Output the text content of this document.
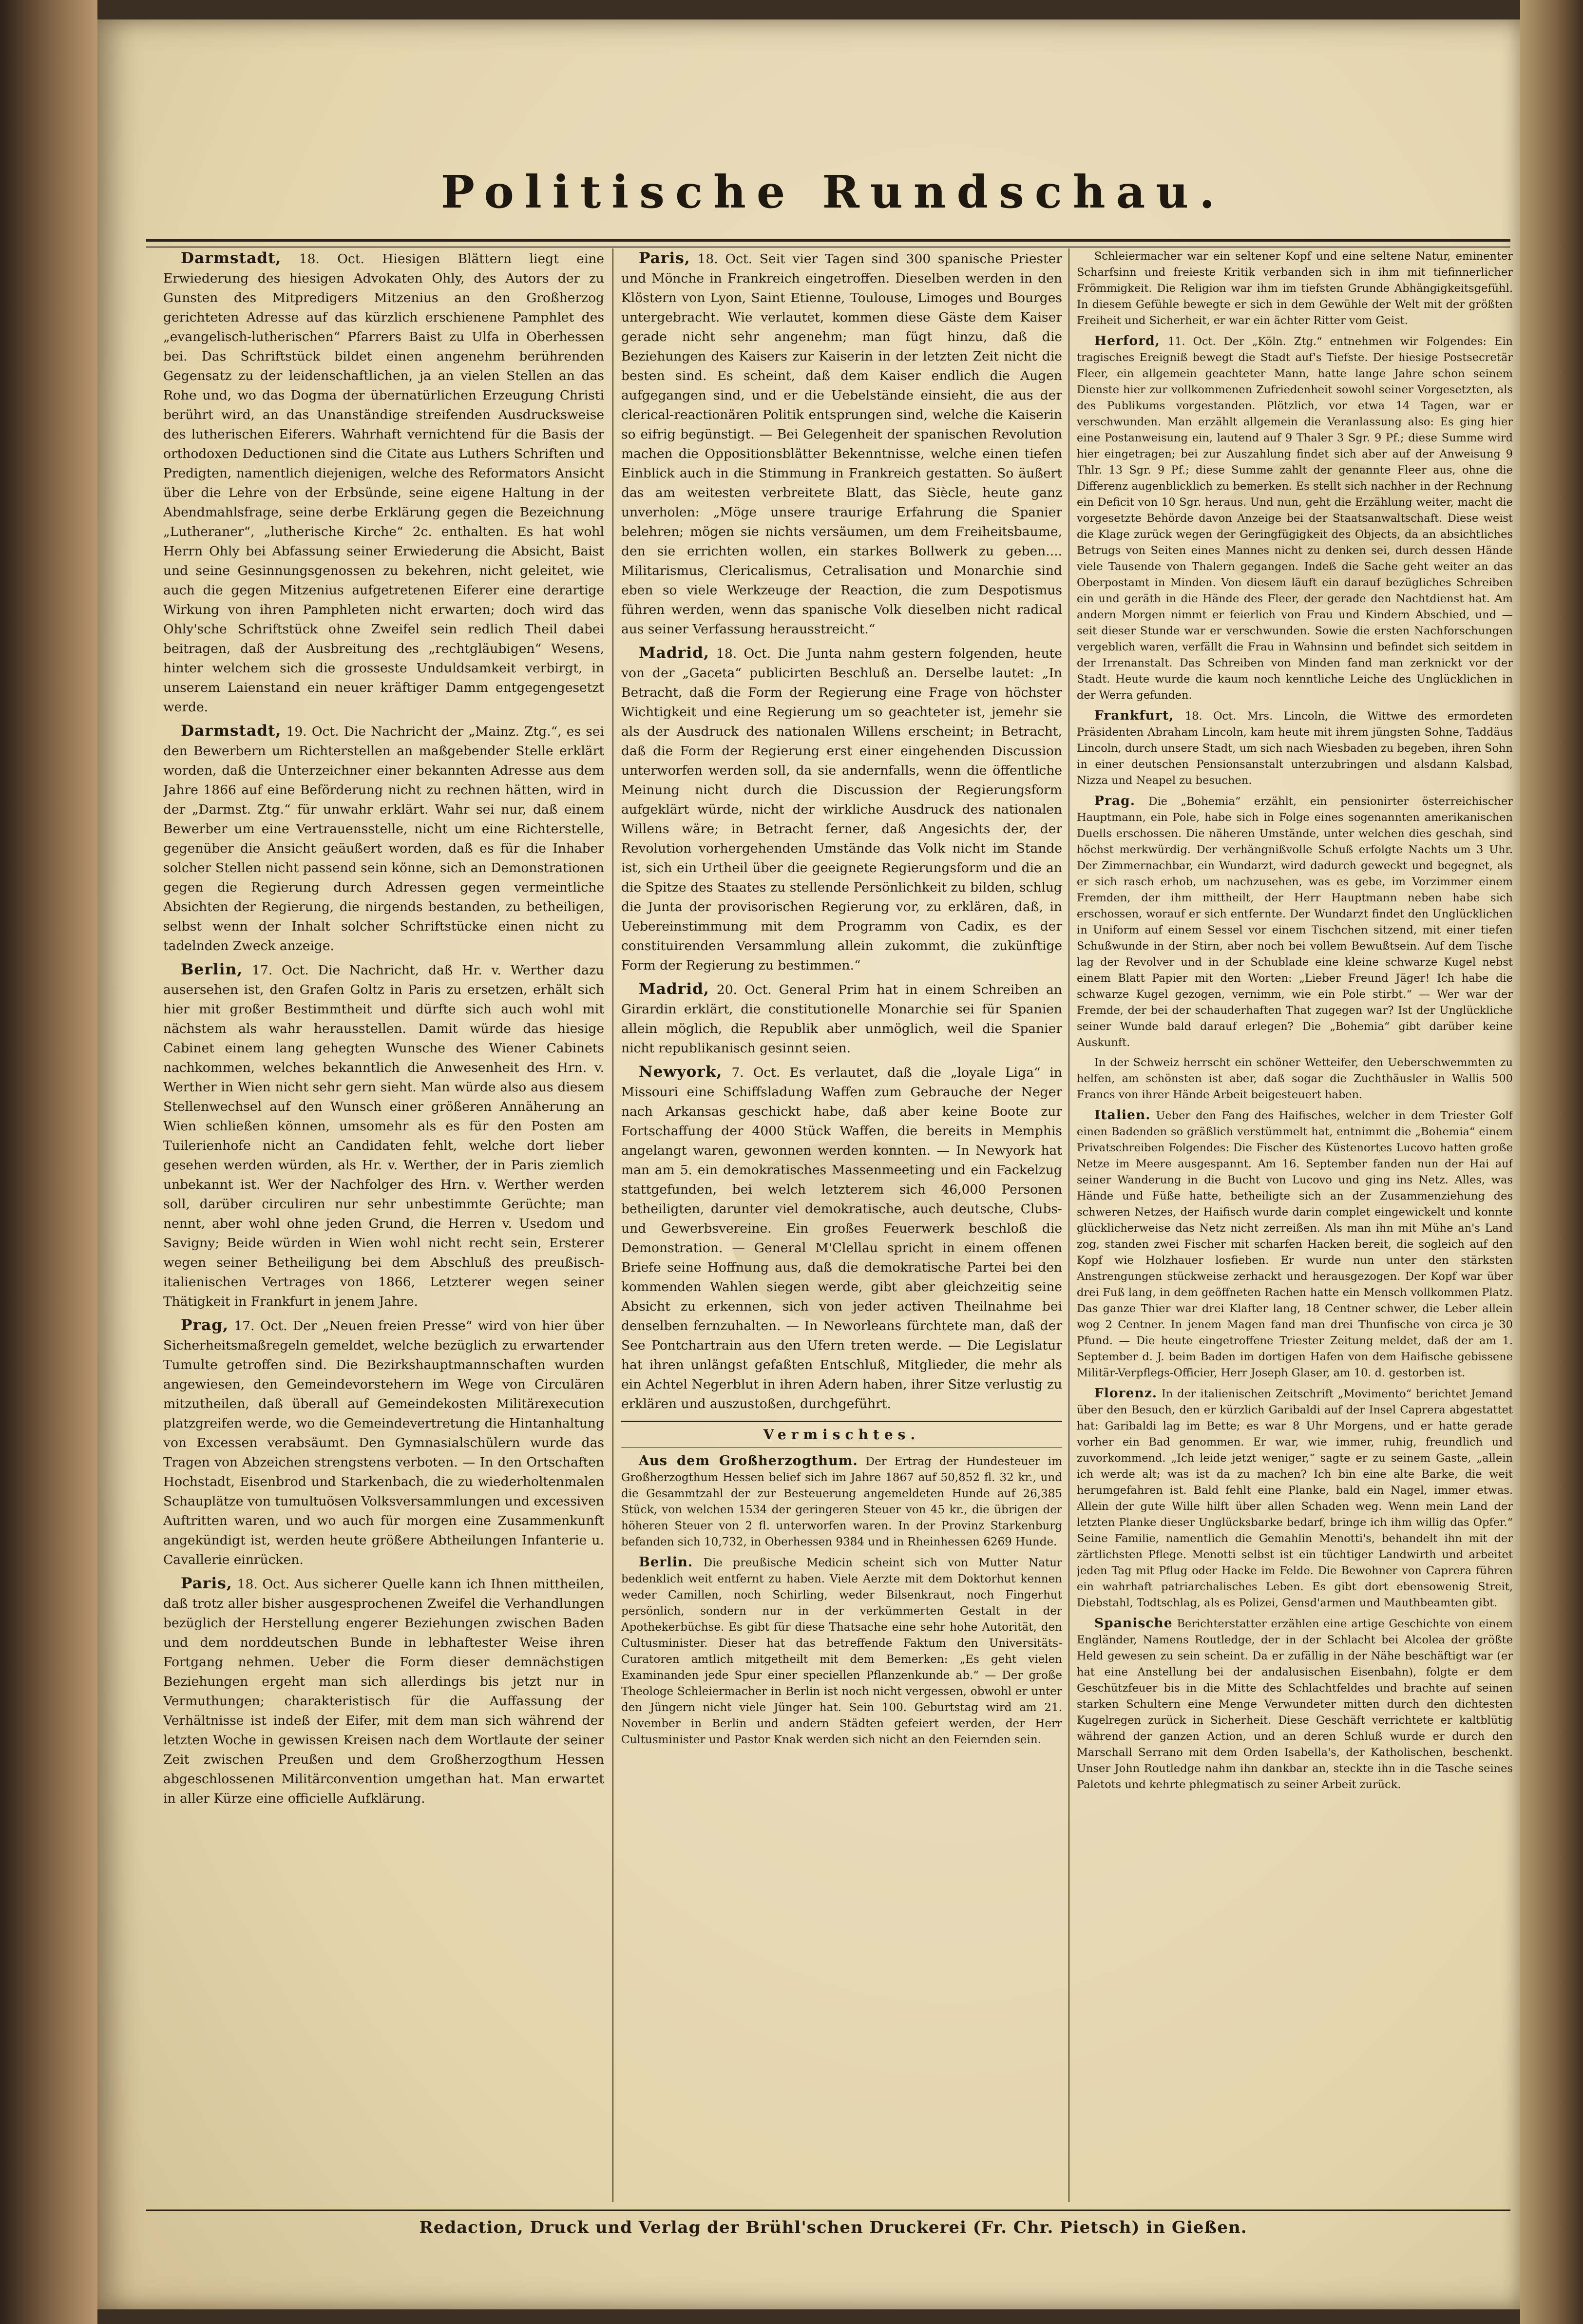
Politische Rundschau.

Darmstadt, 18. Oct. Hiesigen Blättern liegt eine Erwiederung des hiesigen Advokaten Ohly, des Autors der zu Gunsten des Mitpredigers Mitzenius an den Großherzog gerichteten Adresse auf das kürzlich erschienene Pamphlet des „evangelisch-lutherischen“ Pfarrers Baist zu Ulfa in Oberhessen bei. Das Schriftstück bildet einen angenehm berührenden Gegensatz zu der leidenschaftlichen, ja an vielen Stellen an das Rohe und, wo das Dogma der übernatürlichen Erzeugung Christi berührt wird, an das Unanständige streifenden Ausdrucksweise des lutherischen Eiferers. Wahrhaft vernichtend für die Basis der orthodoxen Deductionen sind die Citate aus Luthers Schriften und Predigten, namentlich diejenigen, welche des Reformators Ansicht über die Lehre von der Erbsünde, seine eigene Haltung in der Abendmahlsfrage, seine derbe Erklärung gegen die Bezeichnung „Lutheraner“, „lutherische Kirche“ 2c. enthalten. Es hat wohl Herrn Ohly bei Abfassung seiner Erwiederung die Absicht, Baist und seine Gesinnungsgenossen zu bekehren, nicht geleitet, wie auch die gegen Mitzenius aufgetretenen Eiferer eine derartige Wirkung von ihren Pamphleten nicht erwarten; doch wird das Ohly'sche Schriftstück ohne Zweifel sein redlich Theil dabei beitragen, daß der Ausbreitung des „rechtgläubigen“ Wesens, hinter welchem sich die grosseste Unduldsamkeit verbirgt, in unserem Laienstand ein neuer kräftiger Damm entgegengesetzt werde.

Darmstadt, 19. Oct. Die Nachricht der „Mainz. Ztg.“, es sei den Bewerbern um Richterstellen an maßgebender Stelle erklärt worden, daß die Unterzeichner einer bekannten Adresse aus dem Jahre 1866 auf eine Beförderung nicht zu rechnen hätten, wird in der „Darmst. Ztg.“ für unwahr erklärt. Wahr sei nur, daß einem Bewerber um eine Vertrauensstelle, nicht um eine Richterstelle, gegenüber die Ansicht geäußert worden, daß es für die Inhaber solcher Stellen nicht passend sein könne, sich an Demonstrationen gegen die Regierung durch Adressen gegen vermeintliche Absichten der Regierung, die nirgends bestanden, zu betheiligen, selbst wenn der Inhalt solcher Schriftstücke einen nicht zu tadelnden Zweck anzeige.

Berlin, 17. Oct. Die Nachricht, daß Hr. v. Werther dazu ausersehen ist, den Grafen Goltz in Paris zu ersetzen, erhält sich hier mit großer Bestimmtheit und dürfte sich auch wohl mit nächstem als wahr herausstellen. Damit würde das hiesige Cabinet einem lang gehegten Wunsche des Wiener Cabinets nachkommen, welches bekanntlich die Anwesenheit des Hrn. v. Werther in Wien nicht sehr gern sieht. Man würde also aus diesem Stellenwechsel auf den Wunsch einer größeren Annäherung an Wien schließen können, umsomehr als es für den Posten am Tuilerienhofe nicht an Candidaten fehlt, welche dort lieber gesehen werden würden, als Hr. v. Werther, der in Paris ziemlich unbekannt ist. Wer der Nachfolger des Hrn. v. Werther werden soll, darüber circuliren nur sehr unbestimmte Gerüchte; man nennt, aber wohl ohne jeden Grund, die Herren v. Usedom und Savigny; Beide würden in Wien wohl nicht recht sein, Ersterer wegen seiner Betheiligung bei dem Abschluß des preußisch-italienischen Vertrages von 1866, Letzterer wegen seiner Thätigkeit in Frankfurt in jenem Jahre.

Prag, 17. Oct. Der „Neuen freien Presse“ wird von hier über Sicherheitsmaßregeln gemeldet, welche bezüglich zu erwartender Tumulte getroffen sind. Die Bezirkshauptmannschaften wurden angewiesen, den Gemeindevorstehern im Wege von Circulären mitzutheilen, daß überall auf Gemeindekosten Militärexecution platzgreifen werde, wo die Gemeindevertretung die Hintanhaltung von Excessen verabsäumt. Den Gymnasialschülern wurde das Tragen von Abzeichen strengstens verboten. — In den Ortschaften Hochstadt, Eisenbrod und Starkenbach, die zu wiederholtenmalen Schauplätze von tumultuösen Volksversammlungen und excessiven Auftritten waren, und wo auch für morgen eine Zusammenkunft angekündigt ist, werden heute größere Abtheilungen Infanterie u. Cavallerie einrücken.

Paris, 18. Oct. Aus sicherer Quelle kann ich Ihnen mittheilen, daß trotz aller bisher ausgesprochenen Zweifel die Verhandlungen bezüglich der Herstellung engerer Beziehungen zwischen Baden und dem norddeutschen Bunde in lebhaftester Weise ihren Fortgang nehmen. Ueber die Form dieser demnächstigen Beziehungen ergeht man sich allerdings bis jetzt nur in Vermuthungen; charakteristisch für die Auffassung der Verhältnisse ist indeß der Eifer, mit dem man sich während der letzten Woche in gewissen Kreisen nach dem Wortlaute der seiner Zeit zwischen Preußen und dem Großherzogthum Hessen abgeschlossenen Militärconvention umgethan hat. Man erwartet in aller Kürze eine officielle Aufklärung.

Paris, 18. Oct. Seit vier Tagen sind 300 spanische Priester und Mönche in Frankreich eingetroffen. Dieselben werden in den Klöstern von Lyon, Saint Etienne, Toulouse, Limoges und Bourges untergebracht. Wie verlautet, kommen diese Gäste dem Kaiser gerade nicht sehr angenehm; man fügt hinzu, daß die Beziehungen des Kaisers zur Kaiserin in der letzten Zeit nicht die besten sind. Es scheint, daß dem Kaiser endlich die Augen aufgegangen sind, und er die Uebelstände einsieht, die aus der clerical-reactionären Politik entsprungen sind, welche die Kaiserin so eifrig begünstigt. — Bei Gelegenheit der spanischen Revolution machen die Oppositionsblätter Bekenntnisse, welche einen tiefen Einblick auch in die Stimmung in Frankreich gestatten. So äußert das am weitesten verbreitete Blatt, das Siècle, heute ganz unverholen: „Möge unsere traurige Erfahrung die Spanier belehren; mögen sie nichts versäumen, um dem Freiheitsbaume, den sie errichten wollen, ein starkes Bollwerk zu geben.... Militarismus, Clericalismus, Cetralisation und Monarchie sind eben so viele Werkzeuge der Reaction, die zum Despotismus führen werden, wenn das spanische Volk dieselben nicht radical aus seiner Verfassung herausstreicht.“

Madrid, 18. Oct. Die Junta nahm gestern folgenden, heute von der „Gaceta“ publicirten Beschluß an. Derselbe lautet: „In Betracht, daß die Form der Regierung eine Frage von höchster Wichtigkeit und eine Regierung um so geachteter ist, jemehr sie als der Ausdruck des nationalen Willens erscheint; in Betracht, daß die Form der Regierung erst einer eingehenden Discussion unterworfen werden soll, da sie andernfalls, wenn die öffentliche Meinung nicht durch die Discussion der Regierungsform aufgeklärt würde, nicht der wirkliche Ausdruck des nationalen Willens wäre; in Betracht ferner, daß Angesichts der, der Revolution vorhergehenden Umstände das Volk nicht im Stande ist, sich ein Urtheil über die geeignete Regierungsform und die an die Spitze des Staates zu stellende Persönlichkeit zu bilden, schlug die Junta der provisorischen Regierung vor, zu erklären, daß, in Uebereinstimmung mit dem Programm von Cadix, es der constituirenden Versammlung allein zukommt, die zukünftige Form der Regierung zu bestimmen.“

Madrid, 20. Oct. General Prim hat in einem Schreiben an Girardin erklärt, die constitutionelle Monarchie sei für Spanien allein möglich, die Republik aber unmöglich, weil die Spanier nicht republikanisch gesinnt seien.

Newyork, 7. Oct. Es verlautet, daß die „loyale Liga“ in Missouri eine Schiffsladung Waffen zum Gebrauche der Neger nach Arkansas geschickt habe, daß aber keine Boote zur Fortschaffung der 4000 Stück Waffen, die bereits in Memphis angelangt waren, gewonnen werden konnten. — In Newyork hat man am 5. ein demokratisches Massenmeeting und ein Fackelzug stattgefunden, bei welch letzterem sich 46,000 Personen betheiligten, darunter viel demokratische, auch deutsche, Clubs- und Gewerbsvereine. Ein großes Feuerwerk beschloß die Demonstration. — General M'Clellau spricht in einem offenen Briefe seine Hoffnung aus, daß die demokratische Partei bei den kommenden Wahlen siegen werde, gibt aber gleichzeitig seine Absicht zu erkennen, sich von jeder activen Theilnahme bei denselben fernzuhalten. — In Neworleans fürchtete man, daß der See Pontchartrain aus den Ufern treten werde. — Die Legislatur hat ihren unlängst gefaßten Entschluß, Mitglieder, die mehr als ein Achtel Negerblut in ihren Adern haben, ihrer Sitze verlustig zu erklären und auszustoßen, durchgeführt.

Vermischtes.

Aus dem Großherzogthum. Der Ertrag der Hundesteuer im Großherzogthum Hessen belief sich im Jahre 1867 auf 50,852 fl. 32 kr., und die Gesammtzahl der zur Besteuerung angemeldeten Hunde auf 26,385 Stück, von welchen 1534 der geringeren Steuer von 45 kr., die übrigen der höheren Steuer von 2 fl. unterworfen waren. In der Provinz Starkenburg befanden sich 10,732, in Oberhessen 9384 und in Rheinhessen 6269 Hunde.

Berlin. Die preußische Medicin scheint sich von Mutter Natur bedenklich weit entfernt zu haben. Viele Aerzte mit dem Doktorhut kennen weder Camillen, noch Schirling, weder Bilsenkraut, noch Fingerhut persönlich, sondern nur in der verkümmerten Gestalt in der Apothekerbüchse. Es gibt für diese Thatsache eine sehr hohe Autorität, den Cultusminister. Dieser hat das betreffende Faktum den Universitäts-Curatoren amtlich mitgetheilt mit dem Bemerken: „Es geht vielen Examinanden jede Spur einer speciellen Pflanzenkunde ab.“ — Der große Theologe Schleiermacher in Berlin ist noch nicht vergessen, obwohl er unter den Jüngern nicht viele Jünger hat. Sein 100. Geburtstag wird am 21. November in Berlin und andern Städten gefeiert werden, der Herr Cultusminister und Pastor Knak werden sich nicht an den Feiernden sein.

Schleiermacher war ein seltener Kopf und eine seltene Natur, eminenter Scharfsinn und freieste Kritik verbanden sich in ihm mit tiefinnerlicher Frömmigkeit. Die Religion war ihm im tiefsten Grunde Abhängigkeitsgefühl. In diesem Gefühle bewegte er sich in dem Gewühle der Welt mit der größten Freiheit und Sicherheit, er war ein ächter Ritter vom Geist.

Herford, 11. Oct. Der „Köln. Ztg.“ entnehmen wir Folgendes: Ein tragisches Ereigniß bewegt die Stadt auf's Tiefste. Der hiesige Postsecretär Fleer, ein allgemein geachteter Mann, hatte lange Jahre schon seinem Dienste hier zur vollkommenen Zufriedenheit sowohl seiner Vorgesetzten, als des Publikums vorgestanden. Plötzlich, vor etwa 14 Tagen, war er verschwunden. Man erzählt allgemein die Veranlassung also: Es ging hier eine Postanweisung ein, lautend auf 9 Thaler 3 Sgr. 9 Pf.; diese Summe wird hier eingetragen; bei zur Auszahlung findet sich aber auf der Anweisung 9 Thlr. 13 Sgr. 9 Pf.; diese Summe zahlt der genannte Fleer aus, ohne die Differenz augenblicklich zu bemerken. Es stellt sich nachher in der Rechnung ein Deficit von 10 Sgr. heraus. Und nun, geht die Erzählung weiter, macht die vorgesetzte Behörde davon Anzeige bei der Staatsanwaltschaft. Diese weist die Klage zurück wegen der Geringfügigkeit des Objects, da an absichtliches Betrugs von Seiten eines Mannes nicht zu denken sei, durch dessen Hände viele Tausende von Thalern gegangen. Indeß die Sache geht weiter an das Oberpostamt in Minden. Von diesem läuft ein darauf bezügliches Schreiben ein und geräth in die Hände des Fleer, der gerade den Nachtdienst hat. Am andern Morgen nimmt er feierlich von Frau und Kindern Abschied, und — seit dieser Stunde war er verschwunden. Sowie die ersten Nachforschungen vergeblich waren, verfällt die Frau in Wahnsinn und befindet sich seitdem in der Irrenanstalt. Das Schreiben von Minden fand man zerknickt vor der Stadt. Heute wurde die kaum noch kenntliche Leiche des Unglücklichen in der Werra gefunden.

Frankfurt, 18. Oct. Mrs. Lincoln, die Wittwe des ermordeten Präsidenten Abraham Lincoln, kam heute mit ihrem jüngsten Sohne, Taddäus Lincoln, durch unsere Stadt, um sich nach Wiesbaden zu begeben, ihren Sohn in einer deutschen Pensionsanstalt unterzubringen und alsdann Kalsbad, Nizza und Neapel zu besuchen.

Prag. Die „Bohemia“ erzählt, ein pensionirter österreichischer Hauptmann, ein Pole, habe sich in Folge eines sogenannten amerikanischen Duells erschossen. Die näheren Umstände, unter welchen dies geschah, sind höchst merkwürdig. Der verhängnißvolle Schuß erfolgte Nachts um 3 Uhr. Der Zimmernachbar, ein Wundarzt, wird dadurch geweckt und begegnet, als er sich rasch erhob, um nachzusehen, was es gebe, im Vorzimmer einem Fremden, der ihm mittheilt, der Herr Hauptmann neben habe sich erschossen, worauf er sich entfernte. Der Wundarzt findet den Unglücklichen in Uniform auf einem Sessel vor einem Tischchen sitzend, mit einer tiefen Schußwunde in der Stirn, aber noch bei vollem Bewußtsein. Auf dem Tische lag der Revolver und in der Schublade eine kleine schwarze Kugel nebst einem Blatt Papier mit den Worten: „Lieber Freund Jäger! Ich habe die schwarze Kugel gezogen, vernimm, wie ein Pole stirbt.“ — Wer war der Fremde, der bei der schauderhaften That zugegen war? Ist der Unglückliche seiner Wunde bald darauf erlegen? Die „Bohemia“ gibt darüber keine Auskunft.

In der Schweiz herrscht ein schöner Wetteifer, den Ueberschwemmten zu helfen, am schönsten ist aber, daß sogar die Zuchthäusler in Wallis 500 Francs von ihrer Hände Arbeit beigesteuert haben.

Italien. Ueber den Fang des Haifisches, welcher in dem Triester Golf einen Badenden so gräßlich verstümmelt hat, entnimmt die „Bohemia“ einem Privatschreiben Folgendes: Die Fischer des Küstenortes Lucovo hatten große Netze im Meere ausgespannt. Am 16. September fanden nun der Hai auf seiner Wanderung in die Bucht von Lucovo und ging ins Netz. Alles, was Hände und Füße hatte, betheiligte sich an der Zusammenziehung des schweren Netzes, der Haifisch wurde darin complet eingewickelt und konnte glücklicherweise das Netz nicht zerreißen. Als man ihn mit Mühe an's Land zog, standen zwei Fischer mit scharfen Hacken bereit, die sogleich auf den Kopf wie Holzhauer losfieben. Er wurde nun unter den stärksten Anstrengungen stückweise zerhackt und herausgezogen. Der Kopf war über drei Fuß lang, in dem geöffneten Rachen hatte ein Mensch vollkommen Platz. Das ganze Thier war drei Klafter lang, 18 Centner schwer, die Leber allein wog 2 Centner. In jenem Magen fand man drei Thunfische von circa je 30 Pfund. — Die heute eingetroffene Triester Zeitung meldet, daß der am 1. September d. J. beim Baden im dortigen Hafen von dem Haifische gebissene Militär-Verpflegs-Officier, Herr Joseph Glaser, am 10. d. gestorben ist.

Florenz. In der italienischen Zeitschrift „Movimento“ berichtet Jemand über den Besuch, den er kürzlich Garibaldi auf der Insel Caprera abgestattet hat: Garibaldi lag im Bette; es war 8 Uhr Morgens, und er hatte gerade vorher ein Bad genommen. Er war, wie immer, ruhig, freundlich und zuvorkommend. „Ich leide jetzt weniger,“ sagte er zu seinem Gaste, „allein ich werde alt; was ist da zu machen? Ich bin eine alte Barke, die weit herumgefahren ist. Bald fehlt eine Planke, bald ein Nagel, immer etwas. Allein der gute Wille hilft über allen Schaden weg. Wenn mein Land der letzten Planke dieser Unglücksbarke bedarf, bringe ich ihm willig das Opfer.“ Seine Familie, namentlich die Gemahlin Menotti's, behandelt ihn mit der zärtlichsten Pflege. Menotti selbst ist ein tüchtiger Landwirth und arbeitet jeden Tag mit Pflug oder Hacke im Felde. Die Bewohner von Caprera führen ein wahrhaft patriarchalisches Leben. Es gibt dort ebensowenig Streit, Diebstahl, Todtschlag, als es Polizei, Gensd'armen und Mauthbeamten gibt.

Spanische Berichterstatter erzählen eine artige Geschichte von einem Engländer, Namens Routledge, der in der Schlacht bei Alcolea der größte Held gewesen zu sein scheint. Da er zufällig in der Nähe beschäftigt war (er hat eine Anstellung bei der andalusischen Eisenbahn), folgte er dem Geschützfeuer bis in die Mitte des Schlachtfeldes und brachte auf seinen starken Schultern eine Menge Verwundeter mitten durch den dichtesten Kugelregen zurück in Sicherheit. Diese Geschäft verrichtete er kaltblütig während der ganzen Action, und an deren Schluß wurde er durch den Marschall Serrano mit dem Orden Isabella's, der Katholischen, beschenkt. Unser John Routledge nahm ihn dankbar an, steckte ihn in die Tasche seines Paletots und kehrte phlegmatisch zu seiner Arbeit zurück.

Redaction, Druck und Verlag der Brühl'schen Druckerei (Fr. Chr. Pietsch) in Gießen.
